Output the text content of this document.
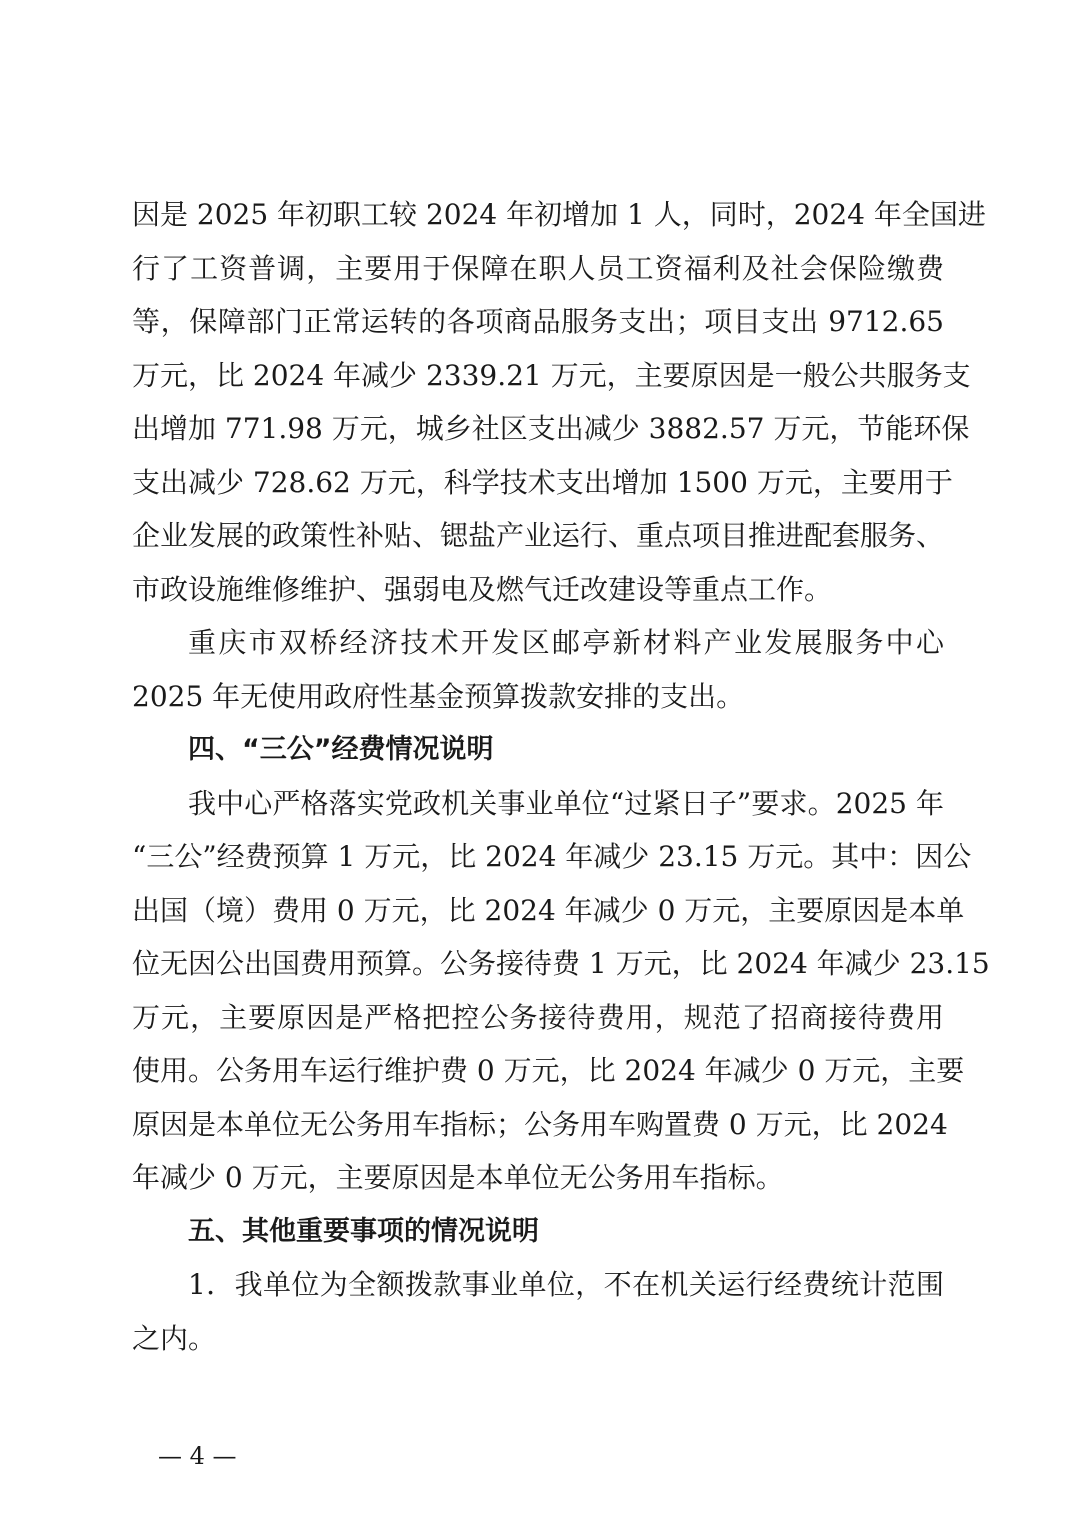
因是 2025 年初职工较 2024 年初增加 1 人，同时，2024 年全国进
行了工资普调，主要用于保障在职人员工资福利及社会保险缴费
等，保障部门正常运转的各项商品服务支出；项目支出 9712.65
万元，比 2024 年减少 2339.21 万元，主要原因是一般公共服务支
出增加 771.98 万元，城乡社区支出减少 3882.57 万元，节能环保
支出减少 728.62 万元，科学技术支出增加 1500 万元，主要用于
企业发展的政策性补贴、锶盐产业运行、重点项目推进配套服务、
市政设施维修维护、强弱电及燃气迁改建设等重点工作。
重庆市双桥经济技术开发区邮亭新材料产业发展服务中心
2025 年无使用政府性基金预算拨款安排的支出。
四、“三公”经费情况说明
我中心严格落实党政机关事业单位“过紧日子”要求。2025 年
“三公”经费预算 1 万元，比 2024 年减少 23.15 万元。其中：因公
出国（境）费用 0 万元，比 2024 年减少 0 万元，主要原因是本单
位无因公出国费用预算。公务接待费 1 万元，比 2024 年减少 23.15
万元，主要原因是严格把控公务接待费用，规范了招商接待费用
使用。公务用车运行维护费 0 万元，比 2024 年减少 0 万元，主要
原因是本单位无公务用车指标；公务用车购置费 0 万元，比 2024
年减少 0 万元，主要原因是本单位无公务用车指标。
五、其他重要事项的情况说明
1．我单位为全额拨款事业单位，不在机关运行经费统计范围
之内。
— 4 —
